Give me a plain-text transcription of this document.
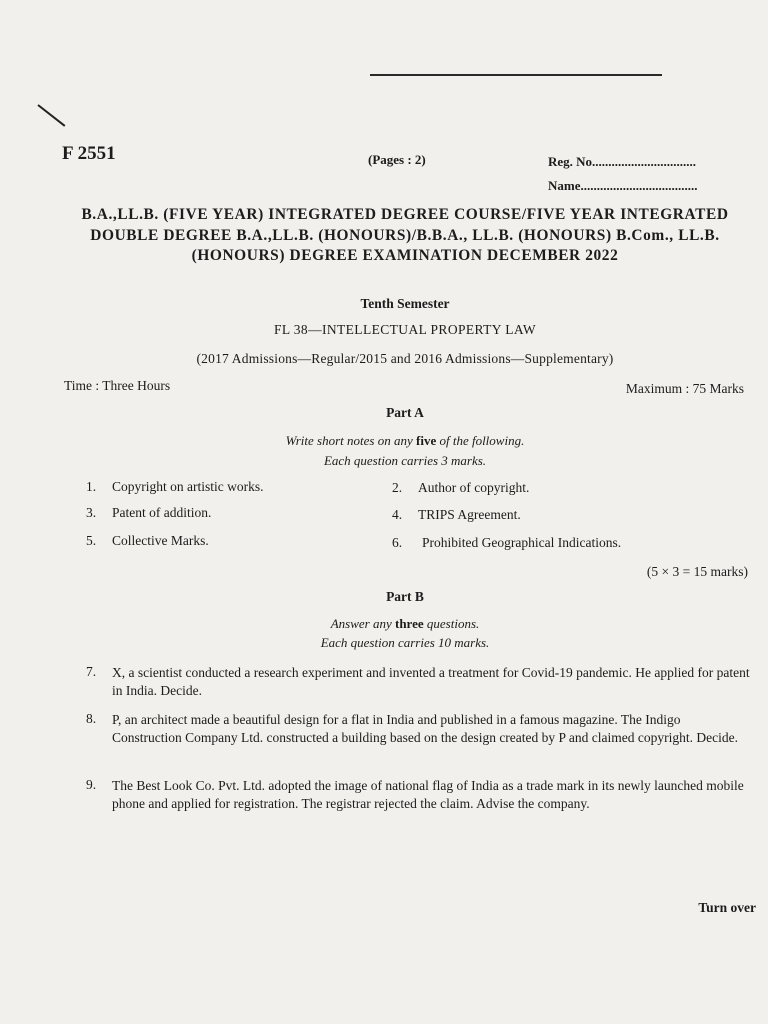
F 2551	(Pages : 2)	Reg. No................................
Name....................................
B.A.,LL.B. (FIVE YEAR) INTEGRATED DEGREE COURSE/FIVE YEAR INTEGRATED DOUBLE DEGREE B.A.,LL.B. (HONOURS)/B.B.A., LL.B. (HONOURS) B.Com., LL.B. (HONOURS) DEGREE EXAMINATION DECEMBER 2022
Tenth Semester
FL 38—INTELLECTUAL PROPERTY LAW
(2017 Admissions—Regular/2015 and 2016 Admissions—Supplementary)
Time : Three Hours	Maximum : 75 Marks
Part A
Write short notes on any five of the following.
Each question carries 3 marks.
1. Copyright on artistic works.	2. Author of copyright.
3. Patent of addition.	4. TRIPS Agreement.
5. Collective Marks.	6. Prohibited Geographical Indications.
(5 × 3 = 15 marks)
Part B
Answer any three questions.
Each question carries 10 marks.
7. X, a scientist conducted a research experiment and invented a treatment for Covid-19 pandemic. He applied for patent in India. Decide.
8. P, an architect made a beautiful design for a flat in India and published in a famous magazine. The Indigo Construction Company Ltd. constructed a building based on the design created by P and claimed copyright. Decide.
9. The Best Look Co. Pvt. Ltd. adopted the image of national flag of India as a trade mark in its newly launched mobile phone and applied for registration. The registrar rejected the claim. Advise the company.
Turn over
